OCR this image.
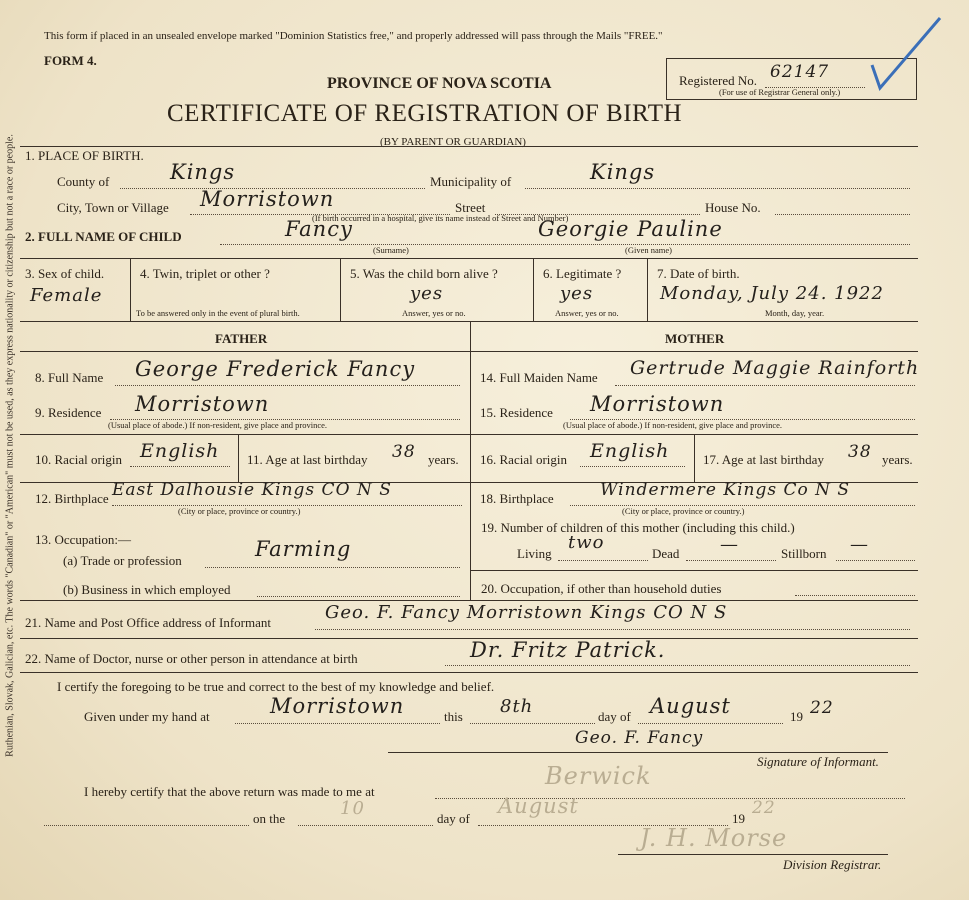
Ruthenian, Slovak, Galician, etc. The words "Canadian" or "American" must not be used, as they express nationality or citizenship but not a race or people.
This form if placed in an unsealed envelope marked "Dominion Statistics free," and properly addressed will pass through the Mails "FREE."
FORM 4.
PROVINCE OF NOVA SCOTIA
CERTIFICATE OF REGISTRATION OF BIRTH
(BY PARENT OR GUARDIAN)
Registered No. 62147
(For use of Registrar General only.)
1. PLACE OF BIRTH.
County of	Kings	Municipality of	Kings
City, Town or Village Morristown	Street	House No.
(If birth occurred in a hospital, give its name instead of Street and Number)
2. FULL NAME OF CHILD	Fancy
(Surname)
Georgie Pauline
(Given name)
3. Sex of child.
Female
4. Twin, triplet or other ?
To be answered only in the event of plural birth.
5. Was the child born alive ?
yes
Answer, yes or no.
6. Legitimate ?
yes
Answer, yes or no.
7. Date of birth.
Monday, July 24. 1922
Month, day, year.
FATHER	MOTHER
8. Full Name George Frederick Fancy	14. Full Maiden Name Gertrude Maggie Rainforth
9. Residence Morristown
(Usual place of abode.) If non-resident, give place and province.
15. Residence Morristown
(Usual place of abode.) If non-resident, give place and province.
10. Racial origin English 11. Age at last birthday 38 years. 16. Racial origin English	17. Age at last birthday 38 years.
12. Birthplace East Dalhousie Kings CO N S
(City or place, province or country.)
18. Birthplace	Windermere Kings Co N S
(City or place, province or country.)
13. Occupation:—
(a) Trade or profession	Farming
(b) Business in which employed
19. Number of children of this mother (including this child.)
Living
two
Dead —	Stillborn —
20. Occupation, if other than household duties
21. Name and Post Office address of Informant	Geo. F. Fancy Morristown Kings CO N S
22. Name of Doctor, nurse or other person in attendance at birth	Dr. Fritz Patrick.
I certify the foregoing to be true and correct to the best of my knowledge and belief.
Given under my hand at	Morristown	this 8th	day of August	19 22
Geo. F. Fancy
Signature of Informant.
I hereby certify that the above return was made to me at
Berwick
on the	10	day of
August
19
22
J. H. Morse
Division Registrar.
